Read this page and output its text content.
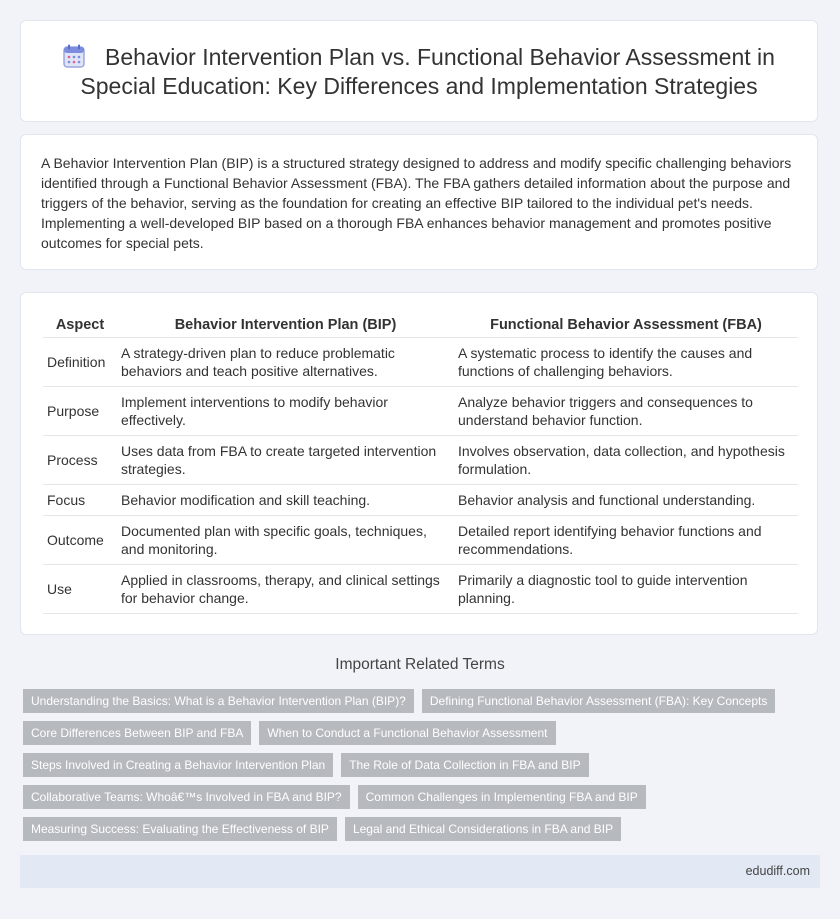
Behavior Intervention Plan vs. Functional Behavior Assessment in Special Education: Key Differences and Implementation Strategies

A Behavior Intervention Plan (BIP) is a structured strategy designed to address and modify specific challenging behaviors identified through a Functional Behavior Assessment (FBA). The FBA gathers detailed information about the purpose and triggers of the behavior, serving as the foundation for creating an effective BIP tailored to the individual pet's needs. Implementing a well-developed BIP based on a thorough FBA enhances behavior management and promotes positive outcomes for special pets.

Aspect	Behavior Intervention Plan (BIP)	Functional Behavior Assessment (FBA)
Definition	A strategy-driven plan to reduce problematic behaviors and teach positive alternatives.	A systematic process to identify the causes and functions of challenging behaviors.
Purpose	Implement interventions to modify behavior effectively.	Analyze behavior triggers and consequences to understand behavior function.
Process	Uses data from FBA to create targeted intervention strategies.	Involves observation, data collection, and hypothesis formulation.
Focus	Behavior modification and skill teaching.	Behavior analysis and functional understanding.
Outcome	Documented plan with specific goals, techniques, and monitoring.	Detailed report identifying behavior functions and recommendations.
Use	Applied in classrooms, therapy, and clinical settings for behavior change.	Primarily a diagnostic tool to guide intervention planning.
Important Related Terms
Understanding the Basics: What is a Behavior Intervention Plan (BIP)?	Defining Functional Behavior Assessment (FBA): Key Concepts
Core Differences Between BIP and FBA	When to Conduct a Functional Behavior Assessment
Steps Involved in Creating a Behavior Intervention Plan	The Role of Data Collection in FBA and BIP
Collaborative Teams: Whoâ€™s Involved in FBA and BIP?	Common Challenges in Implementing FBA and BIP
Measuring Success: Evaluating the Effectiveness of BIP	Legal and Ethical Considerations in FBA and BIP
edudiff.com
